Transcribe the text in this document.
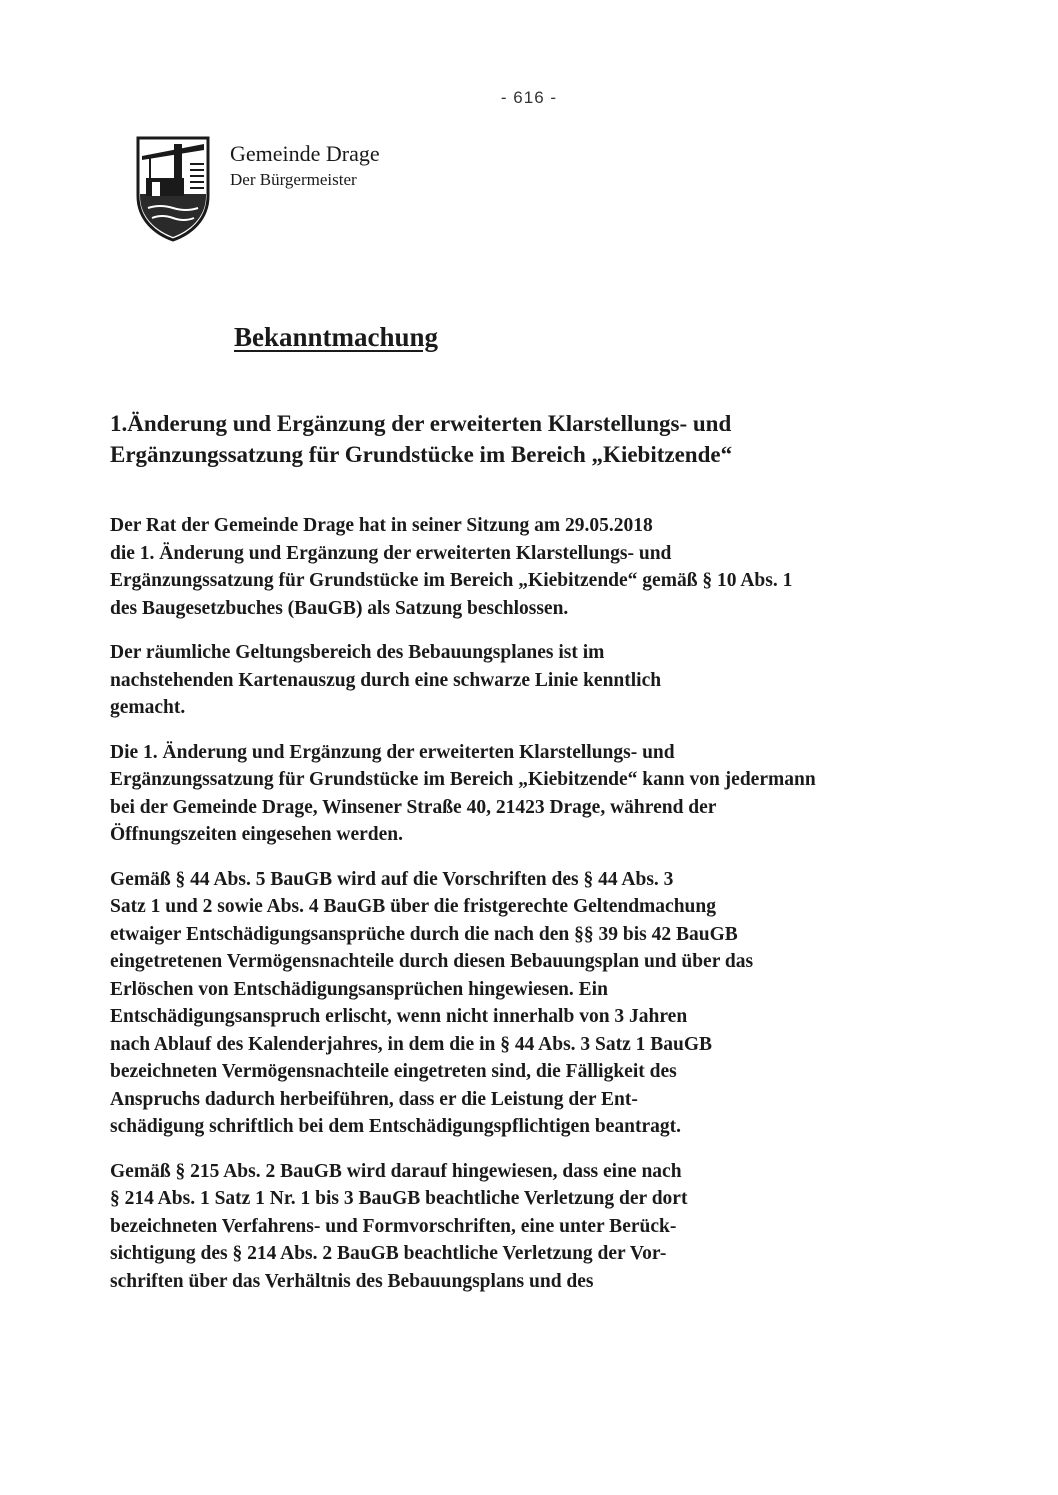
- 616 -
Gemeinde Drage
Der Bürgermeister
Bekanntmachung
1.Änderung und Ergänzung der erweiterten Klarstellungs- und
Ergänzungssatzung für Grundstücke im Bereich „Kiebitzende“

Der Rat der Gemeinde Drage hat in seiner Sitzung am 29.05.2018
die 1. Änderung und Ergänzung der erweiterten Klarstellungs- und
Ergänzungssatzung für Grundstücke im Bereich „Kiebitzende“ gemäß § 10 Abs. 1
des Baugesetzbuches (BauGB) als Satzung beschlossen.

Der räumliche Geltungsbereich des Bebauungsplanes ist im
nachstehenden Kartenauszug durch eine schwarze Linie kenntlich
gemacht.

Die 1. Änderung und Ergänzung der erweiterten Klarstellungs- und
Ergänzungssatzung für Grundstücke im Bereich „Kiebitzende“ kann von jedermann
bei der Gemeinde Drage, Winsener Straße 40, 21423 Drage, während der
Öffnungszeiten eingesehen werden.

Gemäß § 44 Abs. 5 BauGB wird auf die Vorschriften des § 44 Abs. 3
Satz 1 und 2 sowie Abs. 4 BauGB über die fristgerechte Geltendmachung
etwaiger Entschädigungsansprüche durch die nach den §§ 39 bis 42 BauGB
eingetretenen Vermögensnachteile durch diesen Bebauungsplan und über das
Erlöschen von Entschädigungsansprüchen hingewiesen. Ein
Entschädigungsanspruch erlischt, wenn nicht innerhalb von 3 Jahren
nach Ablauf des Kalenderjahres, in dem die in § 44 Abs. 3 Satz 1 BauGB
bezeichneten Vermögensnachteile eingetreten sind, die Fälligkeit des
Anspruchs dadurch herbeiführen, dass er die Leistung der Ent-
schädigung schriftlich bei dem Entschädigungspflichtigen beantragt.

Gemäß § 215 Abs. 2 BauGB wird darauf hingewiesen, dass eine nach
§ 214 Abs. 1 Satz 1 Nr. 1 bis 3 BauGB beachtliche Verletzung der dort
bezeichneten Verfahrens- und Formvorschriften, eine unter Berück-
sichtigung des § 214 Abs. 2 BauGB beachtliche Verletzung der Vor-
schriften über das Verhältnis des Bebauungsplans und des
